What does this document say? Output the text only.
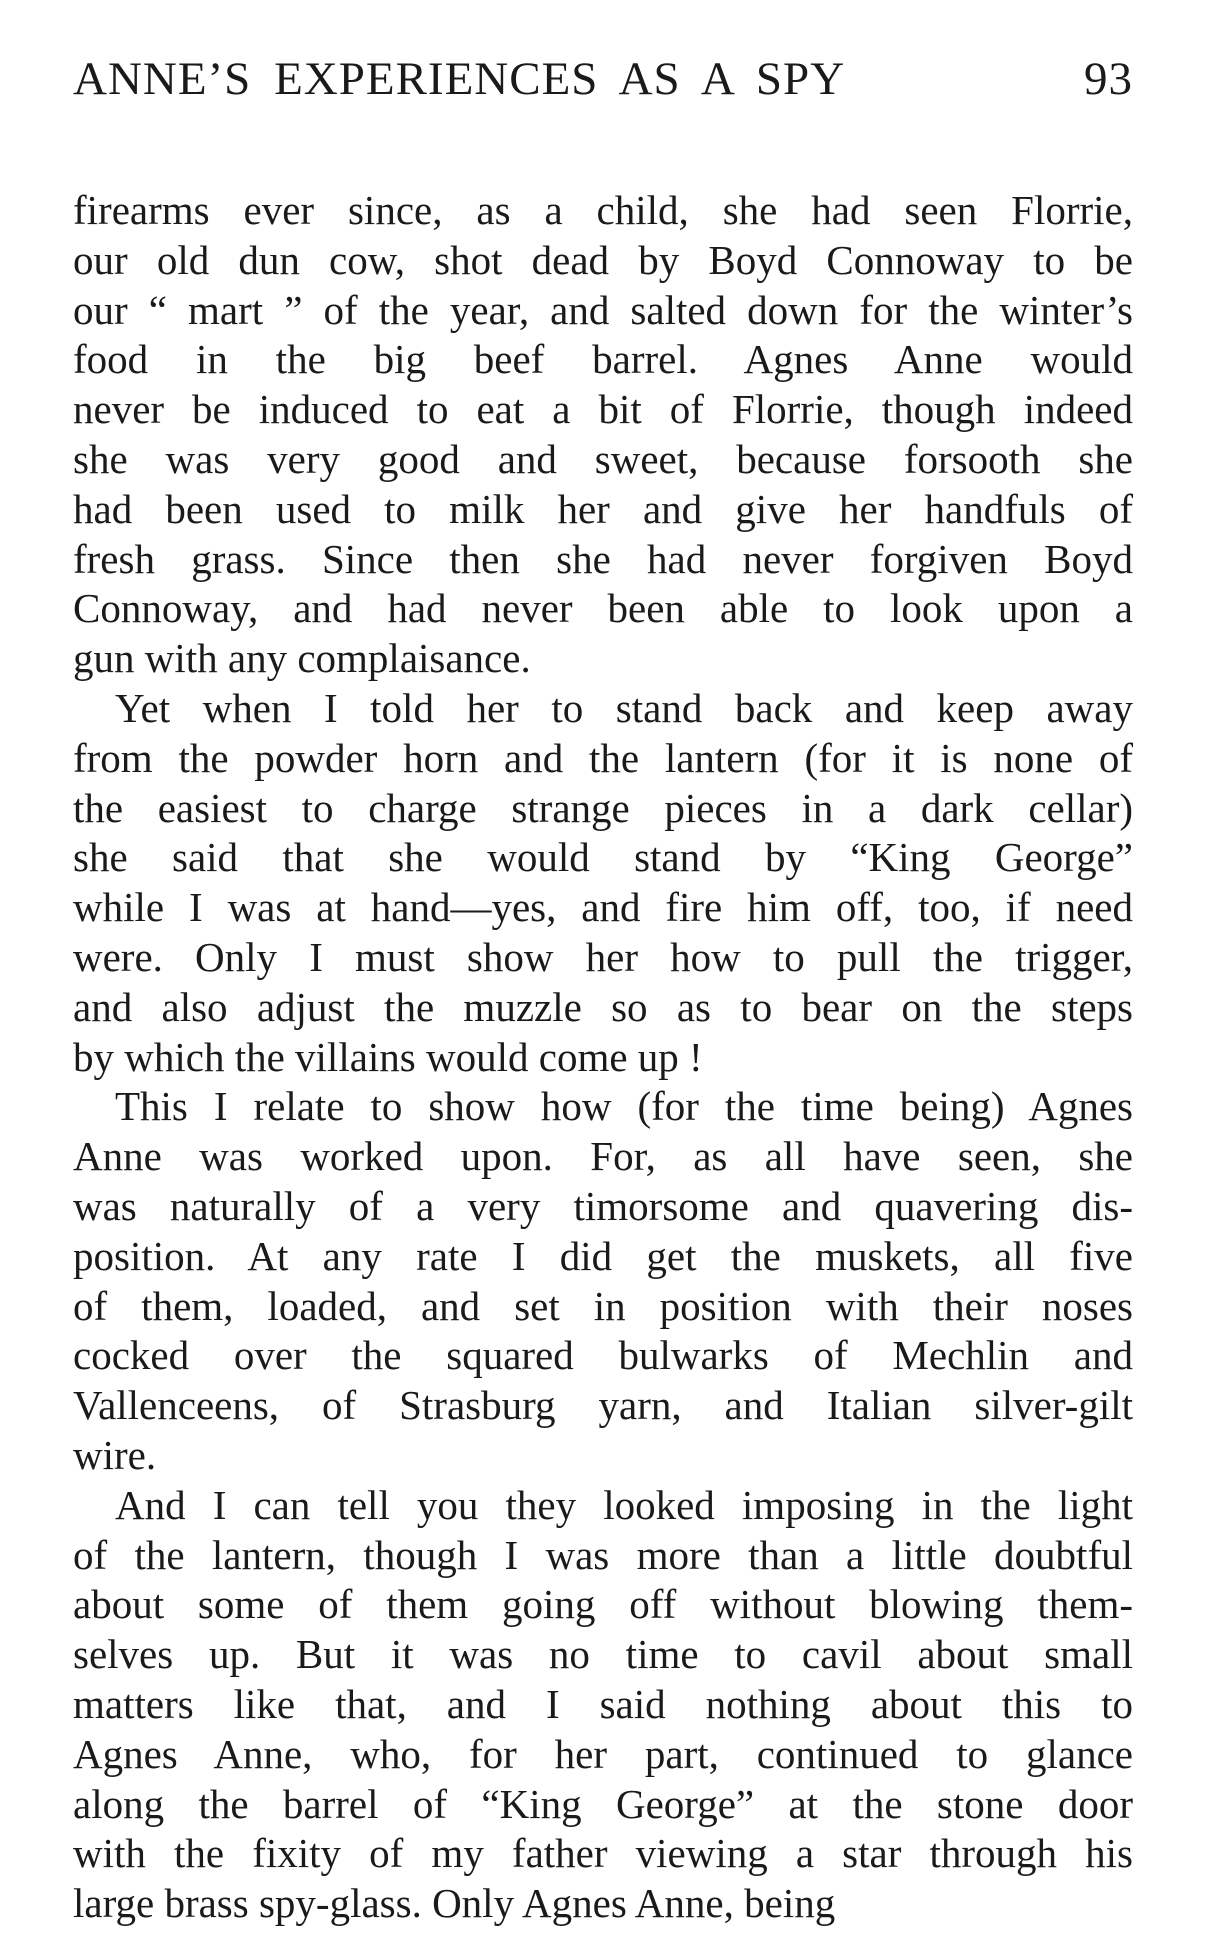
ANNE’S EXPERIENCES AS A SPY	93

firearms ever since, as a child, she had seen Florrie,
our old dun cow, shot dead by Boyd Connoway to be
our “ mart ” of the year, and salted down for the winter’s
food in the big beef barrel. Agnes Anne would
never be induced to eat a bit of Florrie, though indeed
she was very good and sweet, because forsooth she
had been used to milk her and give her handfuls of
fresh grass. Since then she had never forgiven Boyd
Connoway, and had never been able to look upon a
gun with any complaisance.

Yet when I told her to stand back and keep away
from the powder horn and the lantern (for it is none of
the easiest to charge strange pieces in a dark cellar)
she said that she would stand by “King George”
while I was at hand—yes, and fire him off, too, if need
were. Only I must show her how to pull the trigger,
and also adjust the muzzle so as to bear on the steps
by which the villains would come up !

This I relate to show how (for the time being) Agnes
Anne was worked upon. For, as all have seen, she
was naturally of a very timorsome and quavering dis-
position. At any rate I did get the muskets, all five
of them, loaded, and set in position with their noses
cocked over the squared bulwarks of Mechlin and
Vallenceens, of Strasburg yarn, and Italian silver-gilt
wire.

And I can tell you they looked imposing in the light
of the lantern, though I was more than a little doubtful
about some of them going off without blowing them-
selves up. But it was no time to cavil about small
matters like that, and I said nothing about this to
Agnes Anne, who, for her part, continued to glance
along the barrel of “King George” at the stone door
with the fixity of my father viewing a star through his
large brass spy-glass. Only Agnes Anne, being
